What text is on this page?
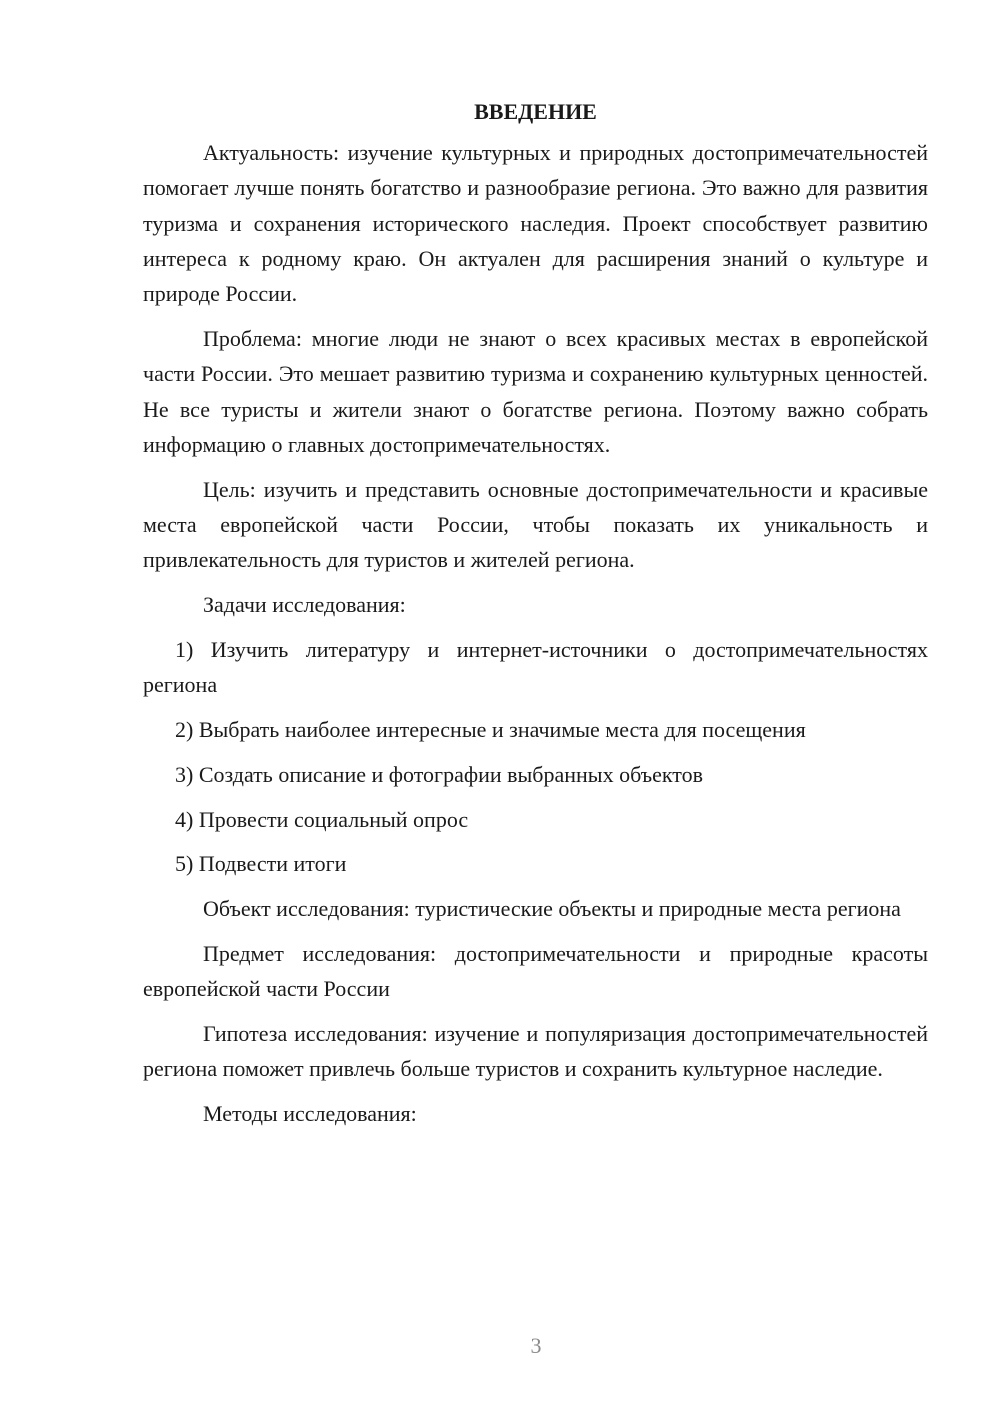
ВВЕДЕНИЕ
Актуальность: изучение культурных и природных достопримечательностей помогает лучше понять богатство и разнообразие региона. Это важно для развития туризма и сохранения исторического наследия. Проект способствует развитию интереса к родному краю. Он актуален для расширения знаний о культуре и природе России.
Проблема: многие люди не знают о всех красивых местах в европейской части России. Это мешает развитию туризма и сохранению культурных ценностей. Не все туристы и жители знают о богатстве региона. Поэтому важно собрать информацию о главных достопримечательностях.
Цель: изучить и представить основные достопримечательности и красивые места европейской части России, чтобы показать их уникальность и привлекательность для туристов и жителей региона.
Задачи исследования:
1) Изучить литературу и интернет-источники о достопримечательностях региона
2) Выбрать наиболее интересные и значимые места для посещения
3) Создать описание и фотографии выбранных объектов
4) Провести социальный опрос
5) Подвести итоги
Объект исследования: туристические объекты и природные места региона
Предмет исследования: достопримечательности и природные красоты европейской части России
Гипотеза исследования: изучение и популяризация достопримечательностей региона поможет привлечь больше туристов и сохранить культурное наследие.
Методы исследования:
3
